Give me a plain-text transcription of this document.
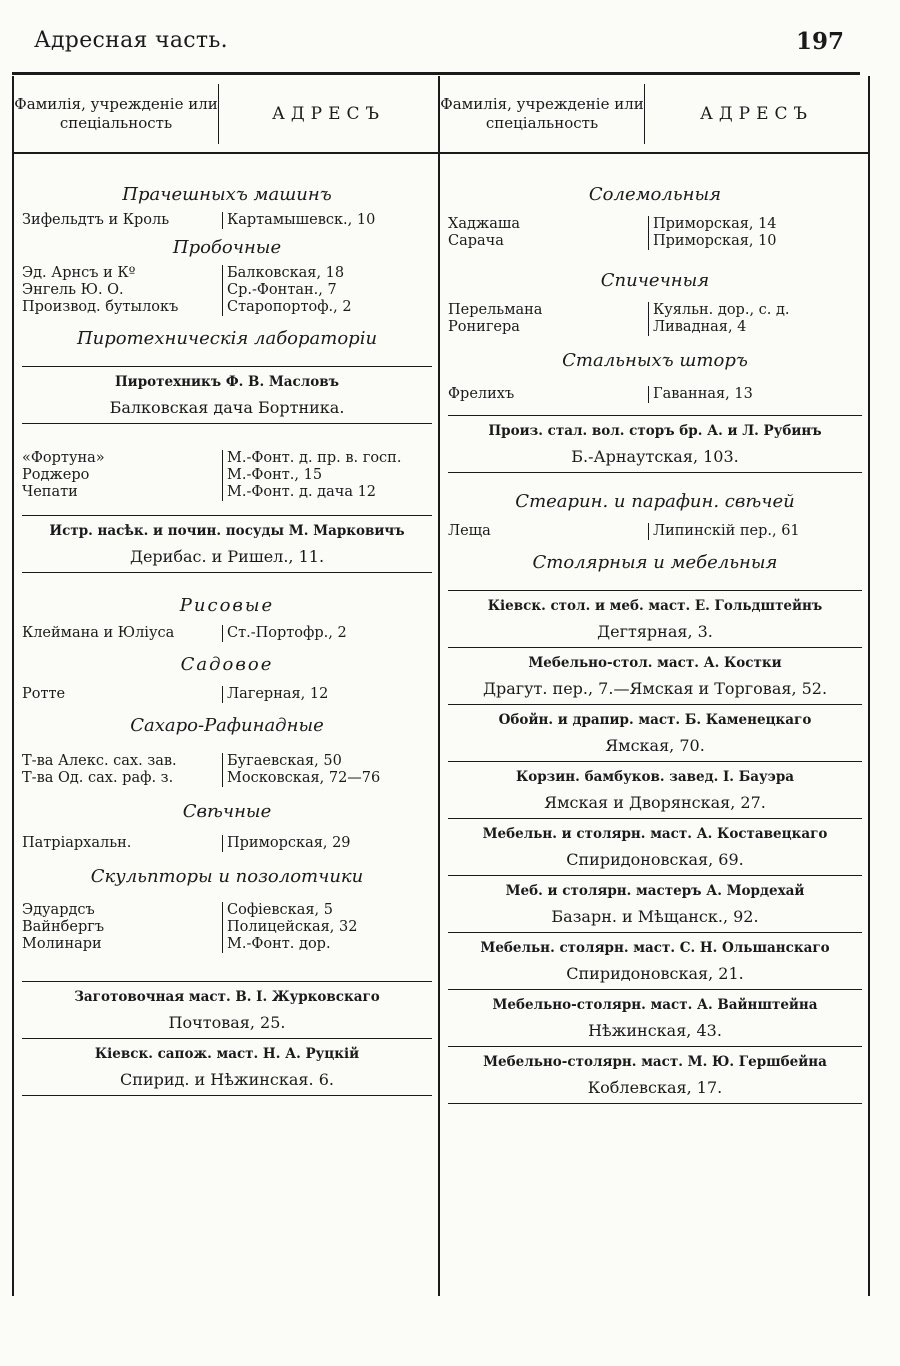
Адресная часть.	197
Фамилія, учрежденіе или спеціальность	АДРЕСЪ

Прачешныхъ машинъ

Зифельдтъ и Кроль	Картамышевск., 10

Пробочные

Эд. Арнсъ и Кº	Балковская, 18
Энгель Ю. О.	Ср.-Фонтан., 7
Производ. бутылокъ	Старопортоф., 2

Пиротехническія лабораторіи

Пиротехникъ Ф. В. Масловъ
Балковская дача Бортника.
«Фортуна»	М.-Фонт. д. пр. в. госп.
Роджеро	М.-Фонт., 15
Чепати	М.-Фонт. д. дача 12
Истр. насѣк. и почин. посуды М. Марковичъ
Дерибас. и Ришел., 11.

Рисовые

Клеймана и Юліуса	Ст.-Портофр., 2

Садовое

Ротте	Лагерная, 12

Сахаро-Рафинадные

Т-ва Алекс. сах. зав.	Бугаевская, 50
Т-ва Од. сах. раф. з.	Московская, 72—76

Свѣчные

Патріархальн.	Приморская, 29

Скульпторы и позолотчики

Эдуардсъ	Софіевская, 5
Вайнбергъ	Полицейская, 32
Молинари	М.-Фонт. дор.
Заготовочная маст. В. I. Журковскаго
Почтовая, 25.
Кіевск. сапож. маст. Н. А. Руцкій
Спирид. и Нѣжинская. 6.
Фамилія, учрежденіе или спеціальность	АДРЕСЪ

Солемольныя

Хаджаша	Приморская, 14
Сарача	Приморская, 10

Спичечныя

Перельмана	Куяльн. дор., с. д.
Ронигера	Ливадная, 4

Стальныхъ шторъ

Фрелихъ	Гаванная, 13
Произ. стал. вол. сторъ бр. А. и Л. Рубинъ
Б.-Арнаутская, 103.

Стеарин. и парафин. свѣчей

Леща	Липинскій пер., 61

Столярныя и мебельныя

Кіевск. стол. и меб. маст. Е. Гольдштейнъ
Дегтярная, 3.
Мебельно-стол. маст. А. Костки
Драгут. пер., 7.—Ямская и Торговая, 52.
Обойн. и драпир. маст. Б. Каменецкаго
Ямская, 70.
Корзин. бамбуков. завед. I. Бауэра
Ямская и Дворянская, 27.
Мебельн. и столярн. маст. А. Коставецкаго
Спиридоновская, 69.
Меб. и столярн. мастеръ А. Мордехай
Базарн. и Мѣщанск., 92.
Мебельн. столярн. маст. С. Н. Ольшанскаго
Спиридоновская, 21.
Мебельно-столярн. маст. А. Вайнштейна
Нѣжинская, 43.
Мебельно-столярн. маст. М. Ю. Гершбейна
Коблевская, 17.
